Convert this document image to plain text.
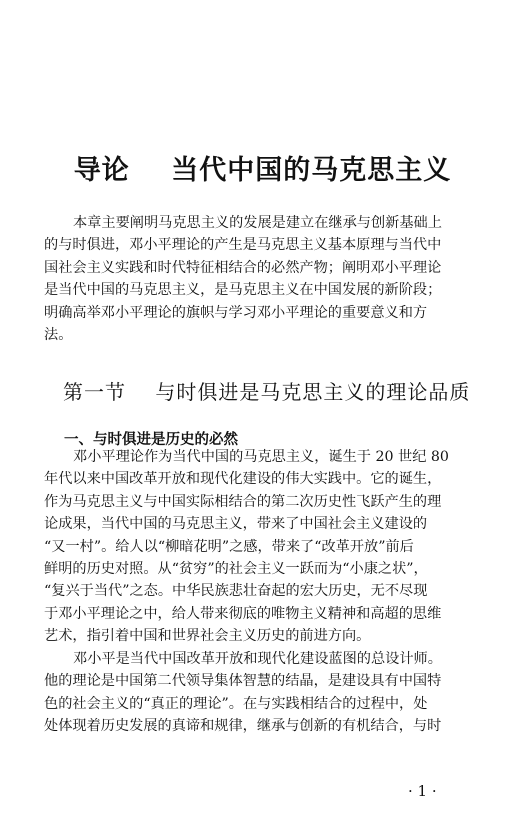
导论    当代中国的马克思主义
本章主要阐明马克思主义的发展是建立在继承与创新基础上
的与时俱进，邓小平理论的产生是马克思主义基本原理与当代中
国社会主义实践和时代特征相结合的必然产物；阐明邓小平理论
是当代中国的马克思主义，是马克思主义在中国发展的新阶段；
明确高举邓小平理论的旗帜与学习邓小平理论的重要意义和方
法。
第一节    与时俱进是马克思主义的理论品质
一、与时俱进是历史的必然
邓小平理论作为当代中国的马克思主义，诞生于 20 世纪 80
年代以来中国改革开放和现代化建设的伟大实践中。它的诞生，
作为马克思主义与中国实际相结合的第二次历史性飞跃产生的理
论成果，当代中国的马克思主义，带来了中国社会主义建设的
“又一村”。给人以“柳暗花明”之感，带来了“改革开放”前后
鲜明的历史对照。从“贫穷”的社会主义一跃而为“小康之状”，
“复兴于当代”之态。中华民族悲壮奋起的宏大历史，无不尽现
于邓小平理论之中，给人带来彻底的唯物主义精神和高超的思维
艺术，指引着中国和世界社会主义历史的前进方向。
邓小平是当代中国改革开放和现代化建设蓝图的总设计师。
他的理论是中国第二代领导集体智慧的结晶，是建设具有中国特
色的社会主义的“真正的理论”。在与实践相结合的过程中，处
处体现着历史发展的真谛和规律，继承与创新的有机结合，与时
· 1 ·
